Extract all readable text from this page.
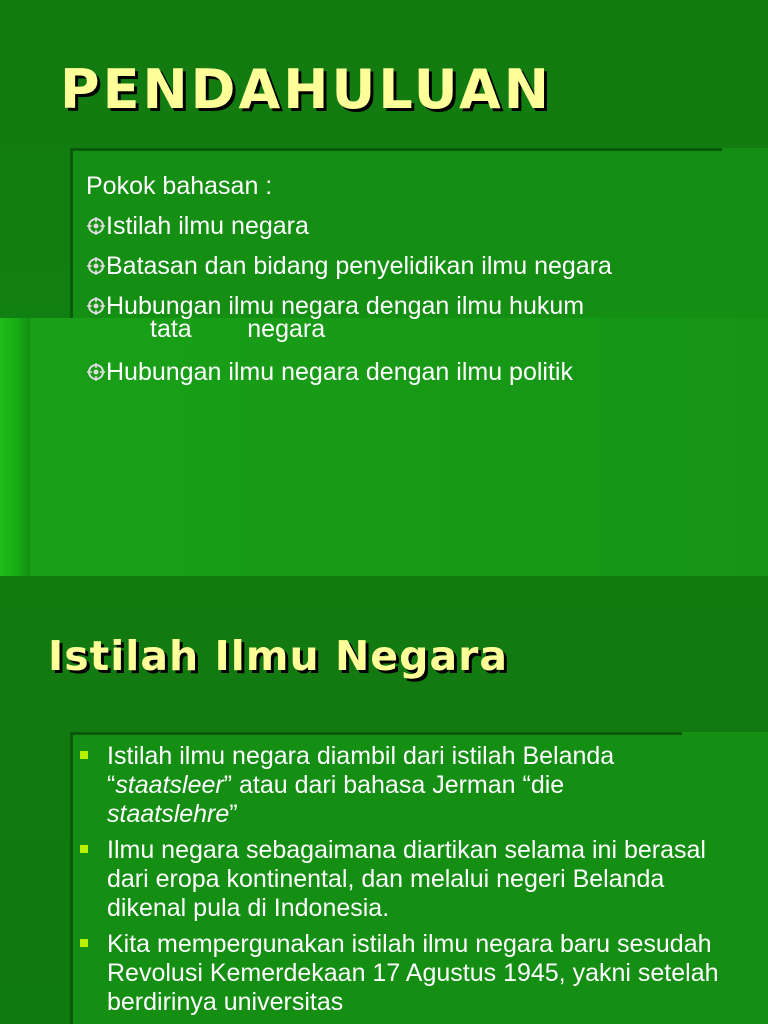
PENDAHULUAN
Pokok bahasan :
Istilah ilmu negara
Batasan dan bidang penyelidikan ilmu negara
Hubungan ilmu negara dengan ilmu hukum
tata        negara
Hubungan ilmu negara dengan ilmu politik
Istilah Ilmu Negara
Istilah ilmu negara diambil dari istilah Belanda
“staatsleer” atau dari bahasa Jerman “die
staatslehre”
Ilmu negara sebagaimana diartikan selama ini berasal dari eropa kontinental, dan melalui negeri Belanda dikenal pula di Indonesia.
Kita mempergunakan istilah ilmu negara baru sesudah Revolusi Kemerdekaan 17 Agustus 1945, yakni setelah berdirinya universitas
